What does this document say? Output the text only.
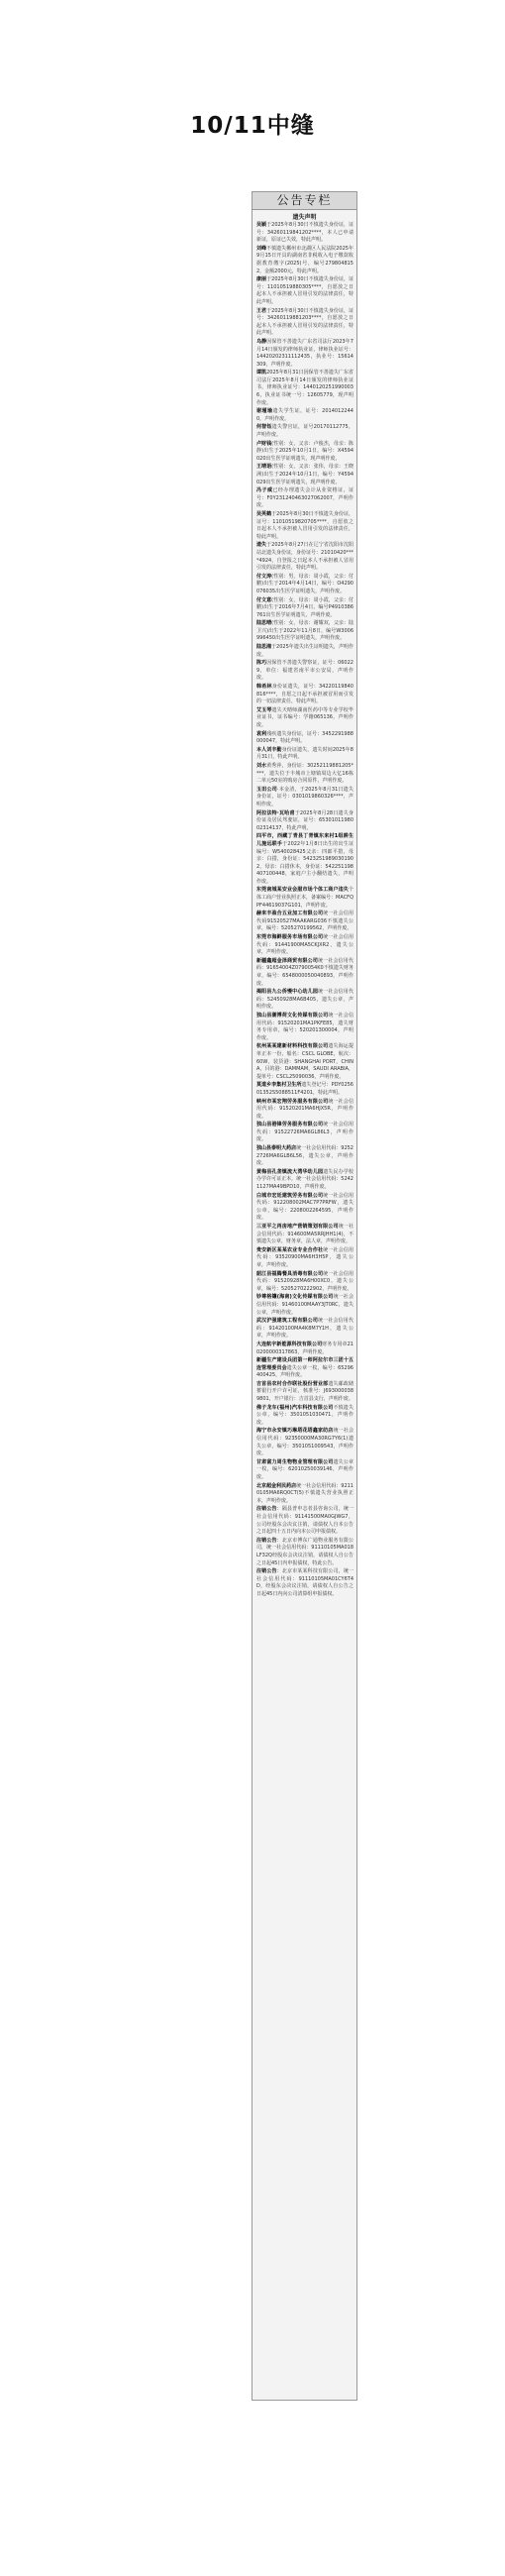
10/11中缝
公告专栏
遗失声明

吴颖于2025年8月30日不慎遗失身份证，证号：34260119841202****，本人已申请新证，原证已失效，特此声明。

刘峰不慎遗失郴州市北湖区人民法院2025年9月15日开具的湖南省非税收入电子缴款收据教育缴字(2025)号，编号2798048152，金额2000元，特此声明。

康丽于2025年8月30日不慎遗失身份证，证号：11010519880305****，自愿放之日起本人不承担被人冒用引发的法律责任，特此声明。

王君于2025年8月30日不慎遗失身份证，证号：34260119881203****，自愿放之日起本人不承担被人冒用引发的法律责任，特此声明。

乌静因保管不善遗失广东省司法厅2023年7月14日颁发的律师执业证，律师执业证号：14420202311112435，执业号：15614309，声明作废。

谭凯2025年8月31日因保管不善遗失广东省司法厅2025年8月14日颁发的律师执业证书，律师执业证号：14401202519900036，执业证书统一号：12605779，现声明作废。

谢瑾瑜遗失学生证，证号：20140122440，声明作废。

何智钰遗失警官证，证号20170112775，声明作废。

卢财钱(性别：女，父亲：卢俊杰，母亲：陈静)出生于2025年10月1日，编号：X4594020出生医学证明遗失，现声明作废。

王靖语(性别：女，父亲：张伟，母亲：王晓洲)出生于2024年10月1日，编号：Y4594029出生医学证明遗失，现声明作废。

冯子威已经办理遗失会计从业资格证，证号：F0Y231240463027062007，声明作废。

吴英鹤于2025年8月30日不慎遗失身份证，证号：11010519820705****，自愿放之日起本人不承担被人冒用引发的法律责任，特此声明。

遗失于2025年8月27日在辽宁省沈阳市沈阳站北遗失身份证，身份证号：21010420****4924，自登报之日起本人不承担被人冒用引发的法律责任，特此声明。

付文涛(性别：男，母亲：周小霞，父亲：付鹏)出生于2014年4月14日，编号：O4290076035出生医学证明遗失，声明作废。

付文意(性别：女，母亲：周小霞，父亲：付鹏)出生于2016年7月4日，编号P4910386761出生医学证明遗失，声明作废。

陆思晴(性别：女，母亲：谢耀双，父亲：陆卫兴)出生于2022年11月8日，编号W3006996450出生医学证明遗失，声明作废。

陆思湘于2025年遗失出生证明遗失，声明作废。

陈巧因保管不善遗失警察证，证号：060229，单位：福建省南平市公安局，声明作废。

韩希林身份证遗失，证号：34220119840816****，自愿之日起不承担被冒用而引发的一切法律责任，特此声明。

艾玉琴遗失天晴师湖南医药中等专业学校毕业证书，证书编号：学籍065136，声明作废。

袁利残疾遗失身份证，证号：3452291988000047，特此声明。

本人刘丰勤身份证遗失，遗失时间2025年8月31日，特此声明。

刘水黄秀萍，身份证：30252119881205****，遗失位于丰城市上塘镇周边大亿16栋二单元50室的购房合同原件，声明作废。

玉田公司·本金清，于2025年8月31日遗失身份证，证号：0301019860326****，声明作废。

阿拉法特·瓦哈甫于2025年8月28日遗失身份证及居民驾驶证，证号：6530101198002314137，特此声明。

四平市，西藏丁青县丁青镇东来村1组耕生儿施远联手于2022年1月8日出生的出生证编号：W540028425父亲：四郎平措，母亲：白措，身份证：54232519890301902，母亲：白措休本，身份证：542251198407100448，家庭户主小翻结遗失，声明作废。

东莞南城某安业会服市场个体工商户违失个体工商户营业执照正本，备案编号：MACFQPF44619037G101，声明作废。

赫来丰盈合五业加工有限公司统一社会信用代码91520527MAAKARG036不慎遗失公章，编号：5205270199562，声明作废。

东莞市海鲜服务市场有限公司统一社会信用代码：91441900MA5CKJXR2，遗失公章，声明作废。

新疆鑫超金泽商贸有限公司统一社会信用代码：91654004Z0790054K0不慎遗失财务章，编号：6548000050040893，声明作废。

揭阳县九公侨慢中心幼儿园统一社会信用代码：52450928MA6B405，遗失公章，声明作废。

独山县潮博荷文化传媒有限公司统一社会信用代码：91520201MA1PKFE85，遗失财务专用章，编号：520201300004，声明作废。

杭州某某建新材料科技有限公司遗失海运提单正本一份，船名：CSCL GLOBE，航次：60W，装货港：SHANGHAI PORT，CHINA，目的港：DAMMAM，SAUDI ARABIA，提单号：CSCL25090036，声明作废。

莫道乡李集村卫生所遗失登记号：PDY025601352S5088511F4201，特此声明。

峡州市某宏翔劳务服务有限公司统一社会信用代码：91520201MA6HJX5R，声明作废。

独山县港锋劳务服务有限公司统一社会信用代码：91522726MA6GL86L3，声明作废。

独山县泰明大药店统一社会信用代码：92522726MA6GLB6L56，遗失公章，声明作废。

黄梅县孔垄镇流大湾华幼儿园遗失民办学校办学许可证正本，统一社会信用代码：52421127MA49BPD10，声明作废。

白城市宏廷建筑劳务有限公司统一社会信用代码：912208002MAC7P7PRFW，遗失公章，编号：2208002264595，声明作废。

三亚平之再房地产营销策划有限公司统一社会信用代码：914600MA5RRJHH1(4)，不慎遗失公章，财务章，法人章，声明作废。

贵安新区某某农业专业合作社统一社会信用代码：93520900MA6H3H5P，遗失公章，声明作废。

韶江县福腾餐具消毒有限公司统一社会信用代码：91520928MA6H00XC0，遗失公章，编号：5205270222902，声明作废。

钞尊格镶(海南)文化传媒有限公司统一社会信用代码：91460100MAAY3JT0RC，遗失公章，声明作废。

武汉沪强建筑工程有限公司统一社会信用代码：91420100MA4K8M7Y1H，遗失公章，声明作废。

大连航宇新能源科技有限公司财务专用章210200000317863，声明作废。

新疆生产建设兵团第一师阿拉尔市三团十五连管理委员会遗失公章一枚，编号：65296400425，声明作废。

吉首县农村合作联社股份营业部遗失邮政储蓄银行开户许可证，核准号：J6930000389801，开户银行：吉首县支行，声明作废。

佛子龙车(福州)汽车科技有限公司不慎遗失公章，编号：3501051030471，声明作废。

海宁市永安镇巧琳塔花塔鑫家纺店统一社会信用代码：92350000MA30RG7Y6(1)遗失公章，编号：3501051009543，声明作废。

甘肃富力周生物物业管理有限公司遗失公章一枚，编号：62010250039146，声明作废。

北京超金利民药店统一社会信用代码：92110105MA6RQ0CT(5)不慎遗失营业执照正本，声明作废。

注销公告：隔县普申志者县咨询公司，统一社会信用代码：91141500MA0GJWG7，公司经股东会决议注销，请债权人自本公告之日起四十五日内向本公司申报债权。

注销公告：北京市博东广通物业服务有限公司，统一社会信用代码：91110105MA018LF32Q经股东会决议注销，请债权人自公告之日起45日内申报债权，特此公告。

注销公告：北京市某某科技有限公司，统一社会信用代码：91110105MA01CY6T4D，经股东会决议注销，请债权人自公告之日起45日内向公司清算组申报债权。
